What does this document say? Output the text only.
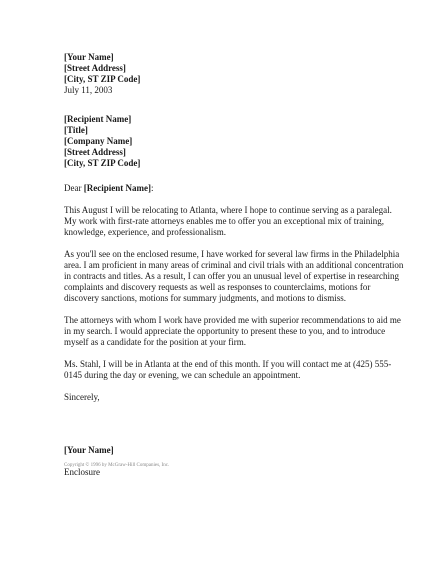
[Your Name]
[Street Address]
[City, ST ZIP Code]
July 11, 2003
[Recipient Name]
[Title]
[Company Name]
[Street Address]
[City, ST ZIP Code]
Dear [Recipient Name]:

This August I will be relocating to Atlanta, where I hope to continue serving as a paralegal. My work with first-rate attorneys enables me to offer you an exceptional mix of training, knowledge, experience, and professionalism.

As you'll see on the enclosed resume, I have worked for several law firms in the Philadelphia area. I am proficient in many areas of criminal and civil trials with an additional concentration in contracts and titles. As a result, I can offer you an unusual level of expertise in researching complaints and discovery requests as well as responses to counterclaims, motions for discovery sanctions, motions for summary judgments, and motions to dismiss.

The attorneys with whom I work have provided me with superior recommendations to aid me in my search. I would appreciate the opportunity to present these to you, and to introduce myself as a candidate for the position at your firm.

Ms. Stahl, I will be in Atlanta at the end of this month. If you will contact me at (425) 555-0145 during the day or evening, we can schedule an appointment.

Sincerely,
[Your Name]
Enclosure
Copyright © 1996 by McGraw-Hill Companies, Inc.
